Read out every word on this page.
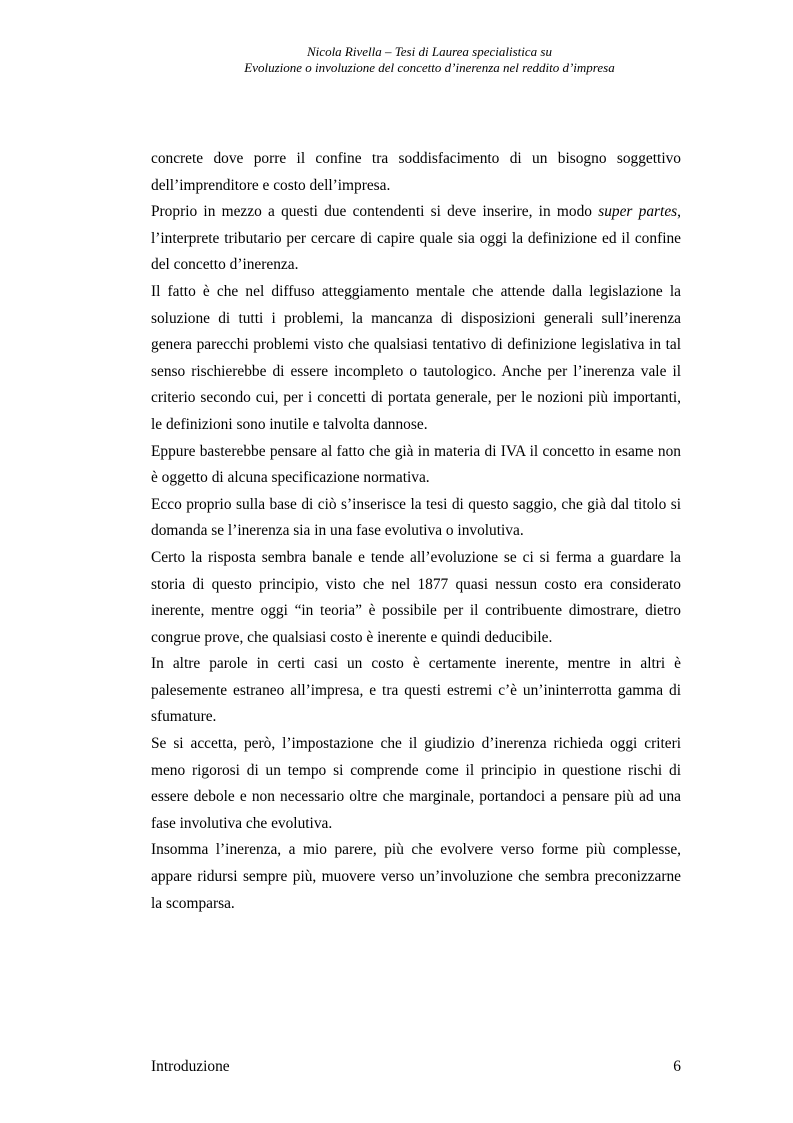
Nicola Rivella – Tesi di Laurea specialistica su
Evoluzione o involuzione del concetto d’inerenza nel reddito d’impresa

concrete dove porre il confine tra soddisfacimento di un bisogno soggettivo dell’imprenditore e costo dell’impresa.

Proprio in mezzo a questi due contendenti si deve inserire, in modo super partes, l’interprete tributario per cercare di capire quale sia oggi la definizione ed il confine del concetto d’inerenza.

Il fatto è che nel diffuso atteggiamento mentale che attende dalla legislazione la soluzione di tutti i problemi, la mancanza di disposizioni generali sull’inerenza genera parecchi problemi visto che qualsiasi tentativo di definizione legislativa in tal senso rischierebbe di essere incompleto o tautologico. Anche per l’inerenza vale il criterio secondo cui, per i concetti di portata generale, per le nozioni più importanti, le definizioni sono inutile e talvolta dannose.

Eppure basterebbe pensare al fatto che già in materia di IVA il concetto in esame non è oggetto di alcuna specificazione normativa.

Ecco proprio sulla base di ciò s’inserisce la tesi di questo saggio, che già dal titolo si domanda se l’inerenza sia in una fase evolutiva o involutiva.

Certo la risposta sembra banale e tende all’evoluzione se ci si ferma a guardare la storia di questo principio, visto che nel 1877 quasi nessun costo era considerato inerente, mentre oggi “in teoria” è possibile per il contribuente dimostrare, dietro congrue prove, che qualsiasi costo è inerente e quindi deducibile.

In altre parole in certi casi un costo è certamente inerente, mentre in altri è palesemente estraneo all’impresa, e tra questi estremi c’è un’ininterrotta gamma di sfumature.

Se si accetta, però, l’impostazione che il giudizio d’inerenza richieda oggi criteri meno rigorosi di un tempo si comprende come il principio in questione rischi di essere debole e non necessario oltre che marginale, portandoci a pensare più ad una fase involutiva che evolutiva.

Insomma l’inerenza, a mio parere, più che evolvere verso forme più complesse, appare ridursi sempre più, muovere verso un’involuzione che sembra preconizzarne la scomparsa.

Introduzione	6
